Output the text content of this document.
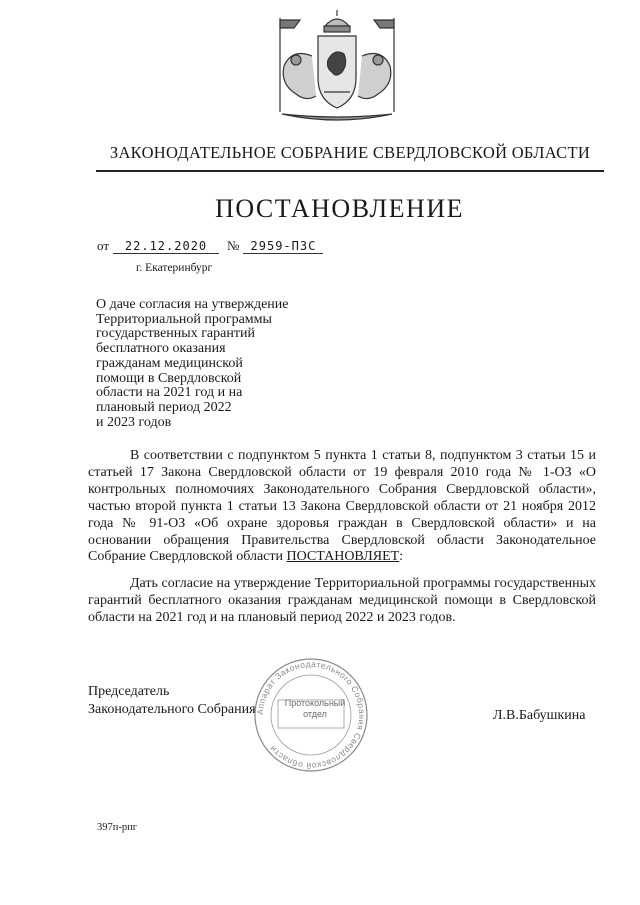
ЗАКОНОДАТЕЛЬНОЕ СОБРАНИЕ СВЕРДЛОВСКОЙ ОБЛАСТИ
ПОСТАНОВЛЕНИЕ
от 22.12.2020 № 2959-ПЗС
г. Екатеринбург
О даче согласия на утверждение
Территориальной программы
государственных гарантий
бесплатного оказания
гражданам медицинской
помощи в Свердловской
области на 2021 год и на
плановый период 2022
и 2023 годов

В соответствии с подпунктом 5 пункта 1 статьи 8, подпунктом 3 статьи 15 и статьей 17 Закона Свердловской области от 19 февраля 2010 года № 1-ОЗ «О контрольных полномочиях Законодательного Собрания Свердловской области», частью второй пункта 1 статьи 13 Закона Свердловской области от 21 ноября 2012 года № 91-ОЗ «Об охране здоровья граждан в Свердловской области» и на основании обращения Правительства Свердловской области Законодательное Собрание Свердловской области ПОСТАНОВЛЯЕТ:

Дать согласие на утверждение Территориальной программы государственных гарантий бесплатного оказания гражданам медицинской помощи в Свердловской области на 2021 год и на плановый период 2022 и 2023 годов.

Председатель
Законодательного Собрания	Л.В.Бабушкина
Аппарат Законодательного Собрания Свердловской области
Протокольный
отдел
397п-рпг
